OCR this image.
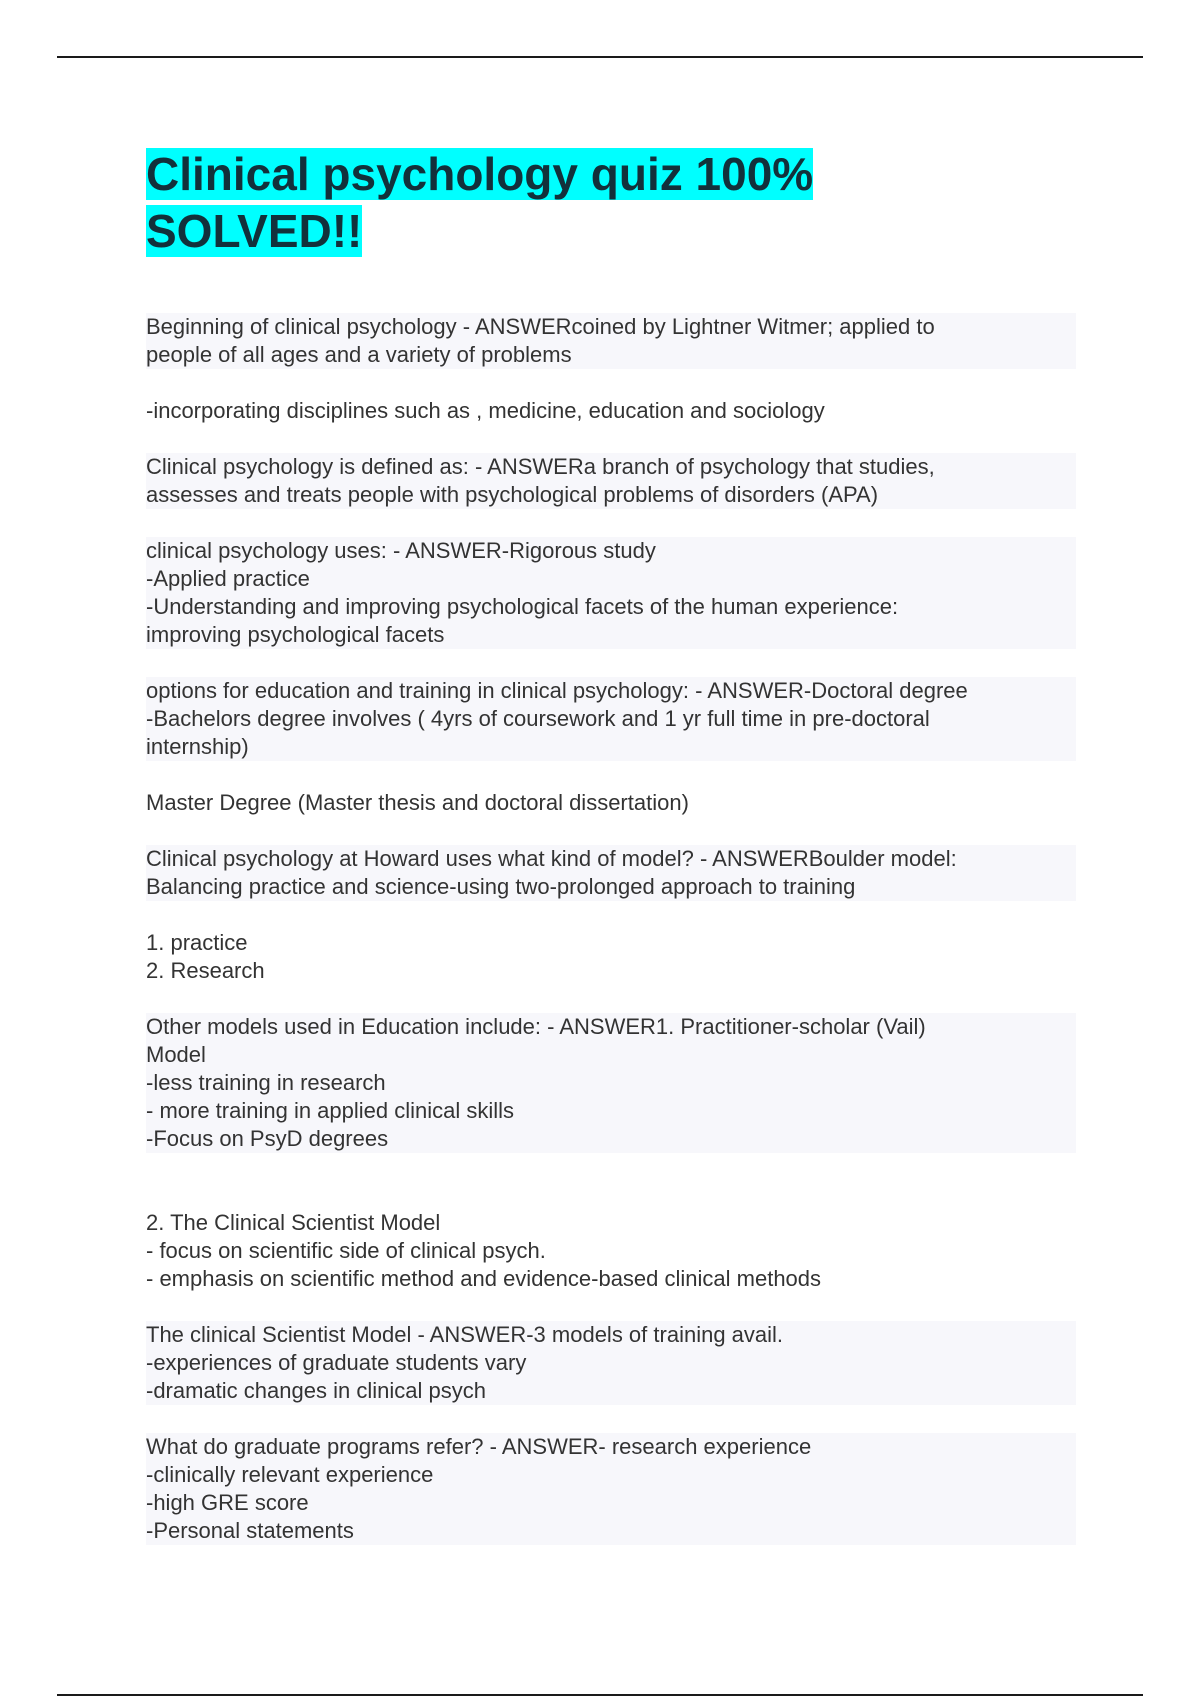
Clinical psychology quiz 100%
SOLVED!!
Beginning of clinical psychology - ANSWERcoined by Lightner Witmer; applied to
people of all ages and a variety of problems
-incorporating disciplines such as , medicine, education and sociology
Clinical psychology is defined as: - ANSWERa branch of psychology that studies,
assesses and treats people with psychological problems of disorders (APA)
clinical psychology uses: - ANSWER-Rigorous study
-Applied practice
-Understanding and improving psychological facets of the human experience:
improving psychological facets
options for education and training in clinical psychology: - ANSWER-Doctoral degree
-Bachelors degree involves ( 4yrs of coursework and 1 yr full time in pre-doctoral
internship)
Master Degree (Master thesis and doctoral dissertation)
Clinical psychology at Howard uses what kind of model? - ANSWERBoulder model:
Balancing practice and science-using two-prolonged approach to training
1. practice
2. Research
Other models used in Education include: - ANSWER1. Practitioner-scholar (Vail)
Model
-less training in research
- more training in applied clinical skills
-Focus on PsyD degrees
2. The Clinical Scientist Model
- focus on scientific side of clinical psych.
- emphasis on scientific method and evidence-based clinical methods
The clinical Scientist Model - ANSWER-3 models of training avail.
-experiences of graduate students vary
-dramatic changes in clinical psych
What do graduate programs refer? - ANSWER- research experience
-clinically relevant experience
-high GRE score
-Personal statements
